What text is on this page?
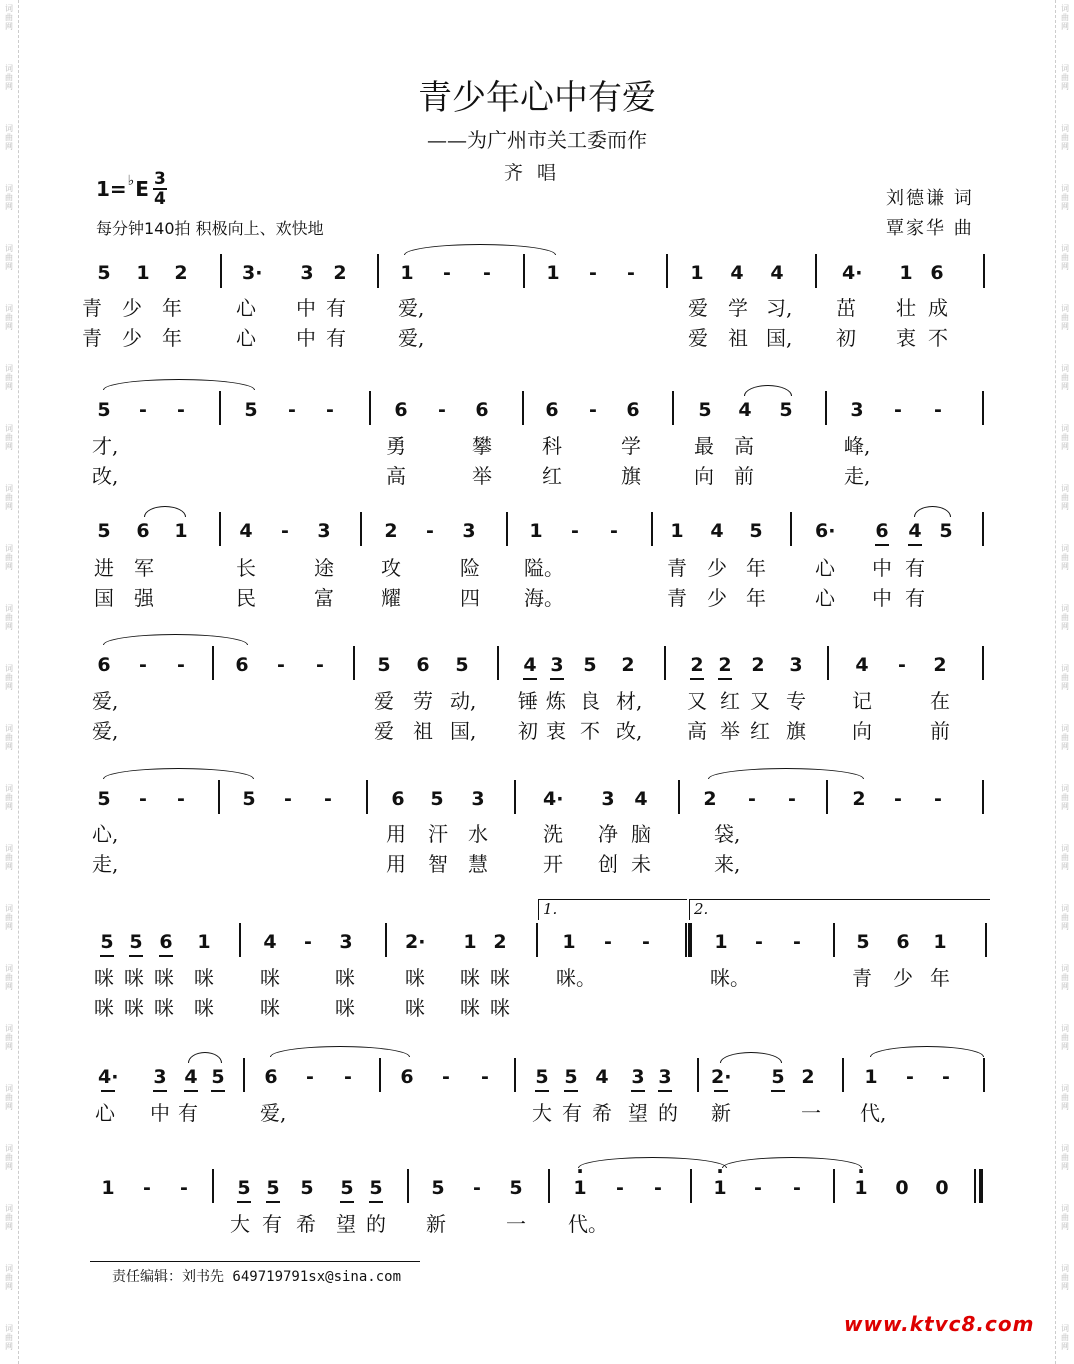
词
曲
网
词
曲
网
词
曲
网
词
曲
网
词
曲
网
词
曲
网
词
曲
网
词
曲
网
词
曲
网
词
曲
网
词
曲
网
词
曲
网
词
曲
网
词
曲
网
词
曲
网
词
曲
网
词
曲
网
词
曲
网
词
曲
网
词
曲
网
词
曲
网
词
曲
网
词
曲
网
词
曲
网
词
曲
网
词
曲
网
词
曲
网
词
曲
网
词
曲
网
词
曲
网
词
曲
网
词
曲
网
词
曲
网
词
曲
网
词
曲
网
词
曲
网
词
曲
网
词
曲
网
词
曲
网
词
曲
网
词
曲
网
词
曲
网
词
曲
网
词
曲
网
词
曲
网
词
曲
网
青少年心中有爱
——为广州市关工委而作
齐唱
1= ♭ E $\frac{3}{4}$
每分钟140拍 积极向上、欢快地
刘德谦 词
覃家华 曲
5 1 2	3· 3 2	1	-	-	1	-	-	1 4 4	4· 1 6
青 少 年	心 中 有	爱,	爱 学 习, 茁 壮 成
青 少 年	心 中 有	爱,	爱 祖 国, 初 衷 不
5	-	-	5	-	-	6	-	6	6	-	6	5 4 5	3	-	-
才,	勇	攀	科	学	最 高	峰,
改,	高	举	红	旗	向 前	走,
5 6 1	4	-	3	2	-	3	1	-	-	1 4 5	6· 6 4 5
进 军	长	途 攻	险 隘。	青 少 年 心 中 有
国 强	民	富 耀	四 海。	青 少 年 心 中 有
6	-	-	6	-	-	5 6 5	4 3 5 2	2 2 2 3	4	-	2
爱,	爱 劳 动, 锤 炼 良 材, 又 红 又 专 记	在
爱,	爱 祖 国, 初 衷 不 改, 高 举 红 旗 向	前
5	-	-	5	-	-	6 5 3	4· 3 4	2	-	-	2	-	-
心,	用 汗 水	洗 净 脑	袋,
走,	用 智 慧	开 创 未	来,
5 5 6 1	4	-	3	2· 1 2	1	-	-	1	-	-	5 6 1
咪 咪 咪 咪 咪	咪	咪 咪 咪 咪。	咪。	青 少 年
咪 咪 咪 咪 咪	咪	咪 咪 咪
4· 3 4 5 6	-	-	6	-	-	5 5 4 3 3 2· 5 2	1	-	-
心 中 有	爱,	大 有 希 望 的 新	一 代,
1	-	-	5 5 5 5 5	5	-	5	· 1	-	-	· 1	-	-	· 1 0 0
大 有 希 望 的 新	一 代。
1.	2.
责任编辑：刘书先 649719791sx@sina.com
www.ktvc8.com
